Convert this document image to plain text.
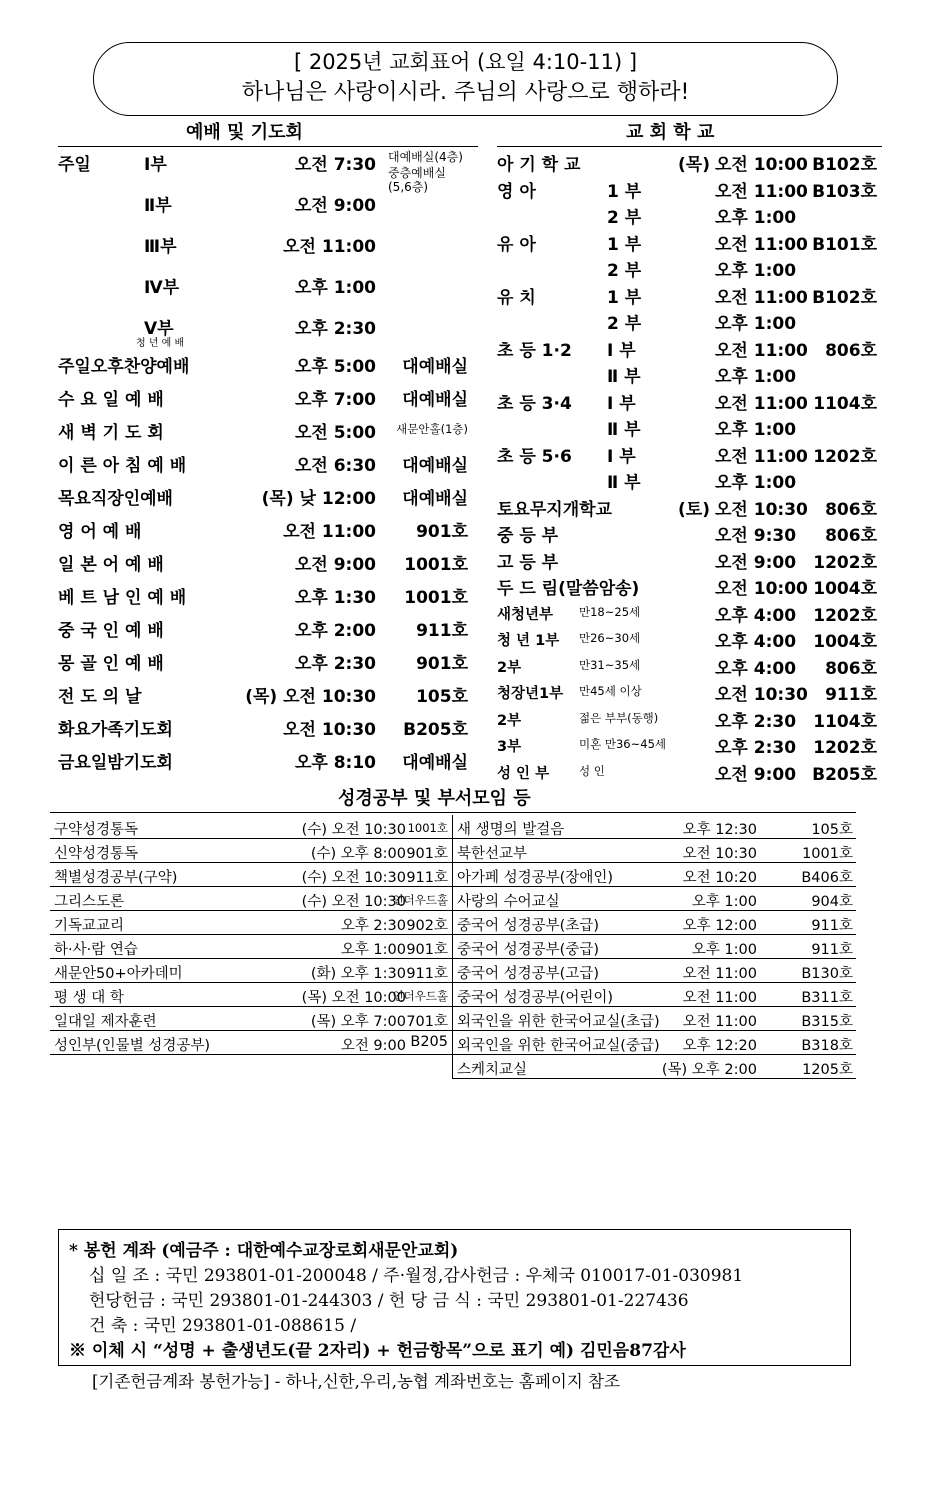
[ 2025년 교회표어 (요일 4:10-11) ]
하나님은 사랑이시라. 주님의 사랑으로 행하라!
예배 및 기도회	교 회 학 교
주일	Ⅰ부	오전 7:30 대예배실(4층)
중층예배실 (5,6층)
Ⅱ부	오전 9:00
Ⅲ부	오전 11:00
Ⅳ부	오후 1:00
Ⅴ부	오후 2:30
청 년 예 배
주일오후찬양예배	오후 5:00	대예배실
수 요 일 예 배	오후 7:00	대예배실
새 벽 기 도 회	오전 5:00	새문안홀(1층)
이 른 아 침 예 배	오전 6:30	대예배실
목요직장인예배	(목) 낮 12:00	대예배실
영 어 예 배	오전 11:00	901호
일 본 어 예 배	오전 9:00	1001호
베 트 남 인 예 배	오후 1:30	1001호
중 국 인 예 배	오후 2:00	911호
몽 골 인 예 배	오후 2:30	901호
전 도 의 날	(목) 오전 10:30	105호
화요가족기도회	오전 10:30	B205호
금요일밤기도회	오후 8:10	대예배실
아 기 학 교	(목) 오전 10:00 B102호
영 아	1 부	오전 11:00 B103호
2 부	오후 1:00
유 아	1 부	오전 11:00 B101호
2 부	오후 1:00
유 치	1 부	오전 11:00 B102호
2 부	오후 1:00
초 등 1·2 Ⅰ 부	오전 11:00	806호
Ⅱ 부	오후 1:00
초 등 3·4 Ⅰ 부	오전 11:00 1104호
Ⅱ 부	오후 1:00
초 등 5·6 Ⅰ 부	오전 11:00 1202호
Ⅱ 부	오후 1:00
토요무지개학교	(토) 오전 10:30	806호
중 등 부	오전 9:30	806호
고 등 부	오전 9:00	1202호
두 드 림(말씀암송)	오전 10:00 1004호
새청년부 만18~25세	오후 4:00	1202호
청 년 1부 만26~30세	오후 4:00	1004호
2부	만31~35세	오후 4:00	806호
청장년1부 만45세 이상	오전 10:30	911호
2부	젊은 부부(동행)	오후 2:30	1104호
3부	미혼 만36~45세	오후 2:30	1202호
성 인 부	성 인	오전 9:00 B205호
성경공부 및 부서모임 등
구약성경통독	(수) 오전 10:30 1001호
신약성경통독	(수) 오후 8:00 901호
책별성경공부(구약)	(수) 오전 10:30 911호
그리스도론	(수) 오전 10:30
언더우드홀
기독교교리	오후 2:30 902호
하·사·람 연습	오후 1:00 901호
새문안50+아카데미	(화) 오후 1:30 911호
평 생 대 학	(목) 오전 10:00
언더우드홀
일대일 제자훈련	(목) 오후 7:00 701호
성인부(인물별 성경공부)	오전 9:00 B205
새 생명의 발걸음	오후 12:30	105호
북한선교부	오전 10:30	1001호
아가페 성경공부(장애인)	오전 10:20	B406호
사랑의 수어교실	오후 1:00	904호
중국어 성경공부(초급)	오후 12:00	911호
중국어 성경공부(중급)	오후 1:00	911호
중국어 성경공부(고급)	오전 11:00	B130호
중국어 성경공부(어린이)	오전 11:00	B311호
외국인을 위한 한국어교실(초급)	오전 11:00	B315호
외국인을 위한 한국어교실(중급)	오후 12:20	B318호
스케치교실	(목) 오후 2:00	1205호
* 봉헌 계좌 (예금주 : 대한예수교장로회새문안교회)
십 일 조 : 국민 293801-01-200048 / 주·월정,감사헌금 : 우체국 010017-01-030981
헌당헌금 : 국민 293801-01-244303 / 헌 당 금 식 : 국민 293801-01-227436
건 축 : 국민 293801-01-088615 /
※ 이체 시 “성명 + 출생년도(끝 2자리) + 헌금항목”으로 표기 예) 김민음87감사
[기존헌금계좌 봉헌가능] - 하나,신한,우리,농협 계좌번호는 홈페이지 참조
